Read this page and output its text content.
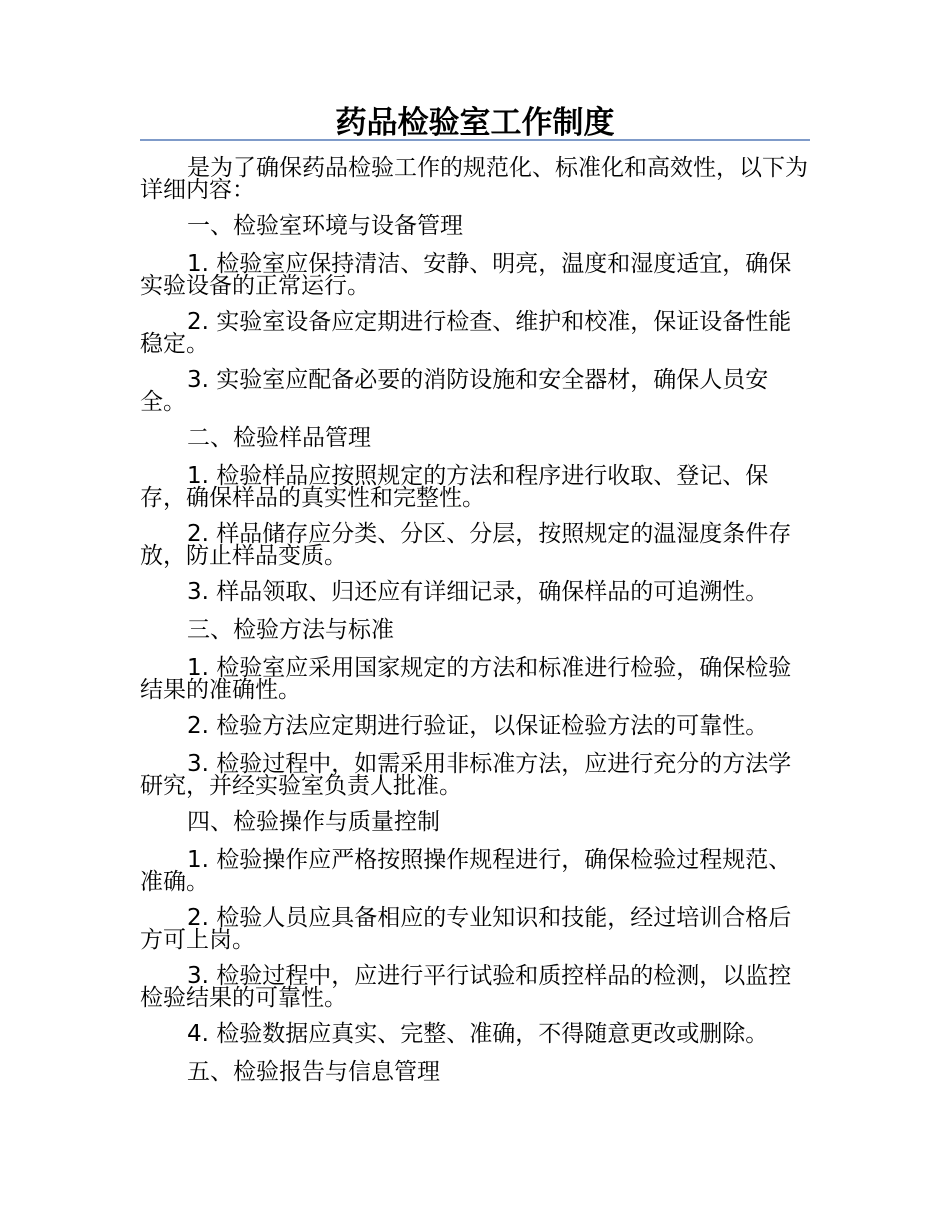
药品检验室工作制度

是为了确保药品检验工作的规范化、标准化和高效性，以下为详细内容：

一、检验室环境与设备管理

1. 检验室应保持清洁、安静、明亮，温度和湿度适宜，确保实验设备的正常运行。

2. 实验室设备应定期进行检查、维护和校准，保证设备性能稳定。

3. 实验室应配备必要的消防设施和安全器材，确保人员安全。

二、检验样品管理

1. 检验样品应按照规定的方法和程序进行收取、登记、保存，确保样品的真实性和完整性。

2. 样品储存应分类、分区、分层，按照规定的温湿度条件存放，防止样品变质。

3. 样品领取、归还应有详细记录，确保样品的可追溯性。

三、检验方法与标准

1. 检验室应采用国家规定的方法和标准进行检验，确保检验结果的准确性。

2. 检验方法应定期进行验证，以保证检验方法的可靠性。

3. 检验过程中，如需采用非标准方法，应进行充分的方法学研究，并经实验室负责人批准。

四、检验操作与质量控制

1. 检验操作应严格按照操作规程进行，确保检验过程规范、准确。

2. 检验人员应具备相应的专业知识和技能，经过培训合格后方可上岗。

3. 检验过程中，应进行平行试验和质控样品的检测，以监控检验结果的可靠性。

4. 检验数据应真实、完整、准确，不得随意更改或删除。

五、检验报告与信息管理
